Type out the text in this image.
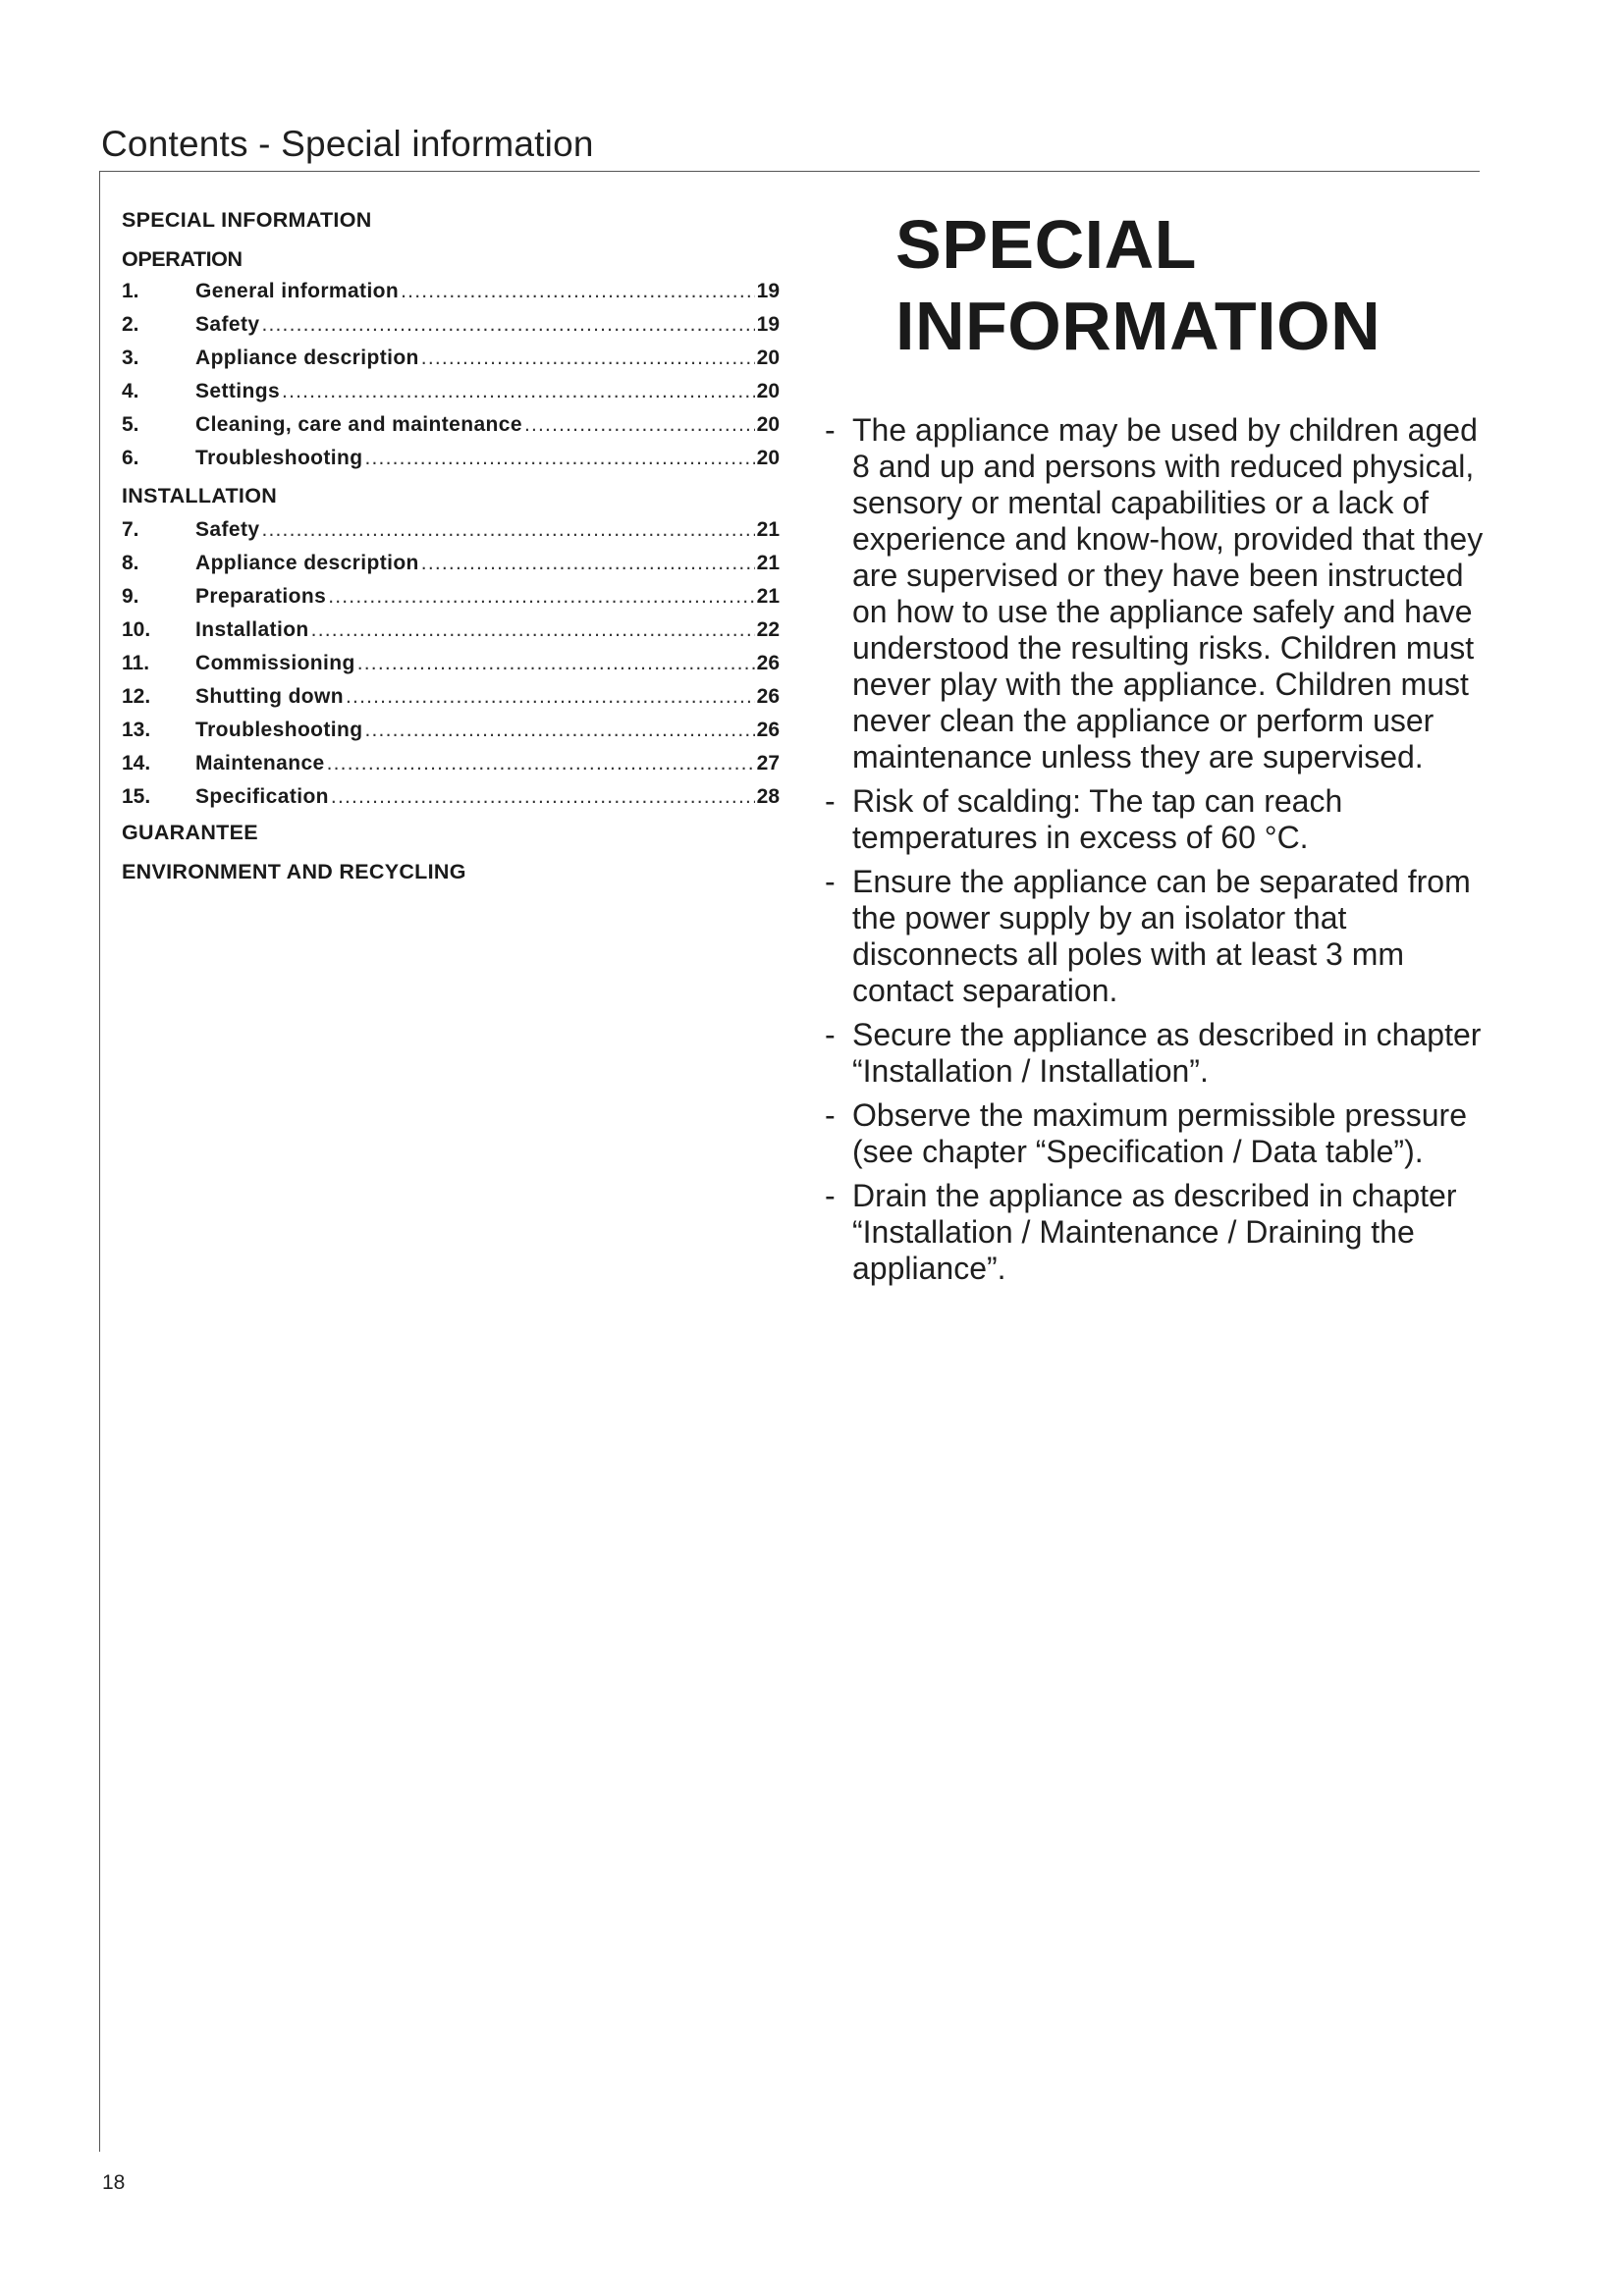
Contents - Special information
SPECIAL INFORMATION
OPERATION
1.	General information .....	19
2.	Safety .....	19
3.	Appliance description .....	20
4.	Settings .....	20
5.	Cleaning, care and maintenance .....	20
6.	Troubleshooting .....	20
INSTALLATION
7.	Safety .....	21
8.	Appliance description .....	21
9.	Preparations .....	21
10.	Installation .....	22
11.	Commissioning .....	26
12.	Shutting down .....	26
13.	Troubleshooting .....	26
14.	Maintenance .....	27
15.	Specification .....	28
GUARANTEE
ENVIRONMENT AND RECYCLING
SPECIAL
INFORMATION
- The appliance may be used by children aged 8 and up and persons with reduced physical, sensory or mental capabilities or a lack of experience and know-how, provided that they are supervised or they have been instructed on how to use the appliance safely and have understood the resulting risks. Children must never play with the appliance. Children must never clean the appliance or perform user maintenance unless they are supervised.
- Risk of scalding: The tap can reach temperatures in excess of 60 °C.
- Ensure the appliance can be separated from the power supply by an isolator that disconnects all poles with at least 3 mm contact separation.
- Secure the appliance as described in chapter “Installation / Installation”.
- Observe the maximum permissible pressure (see chapter “Specification / Data table”).
- Drain the appliance as described in chapter “Installation / Maintenance / Draining the appliance”.
18
